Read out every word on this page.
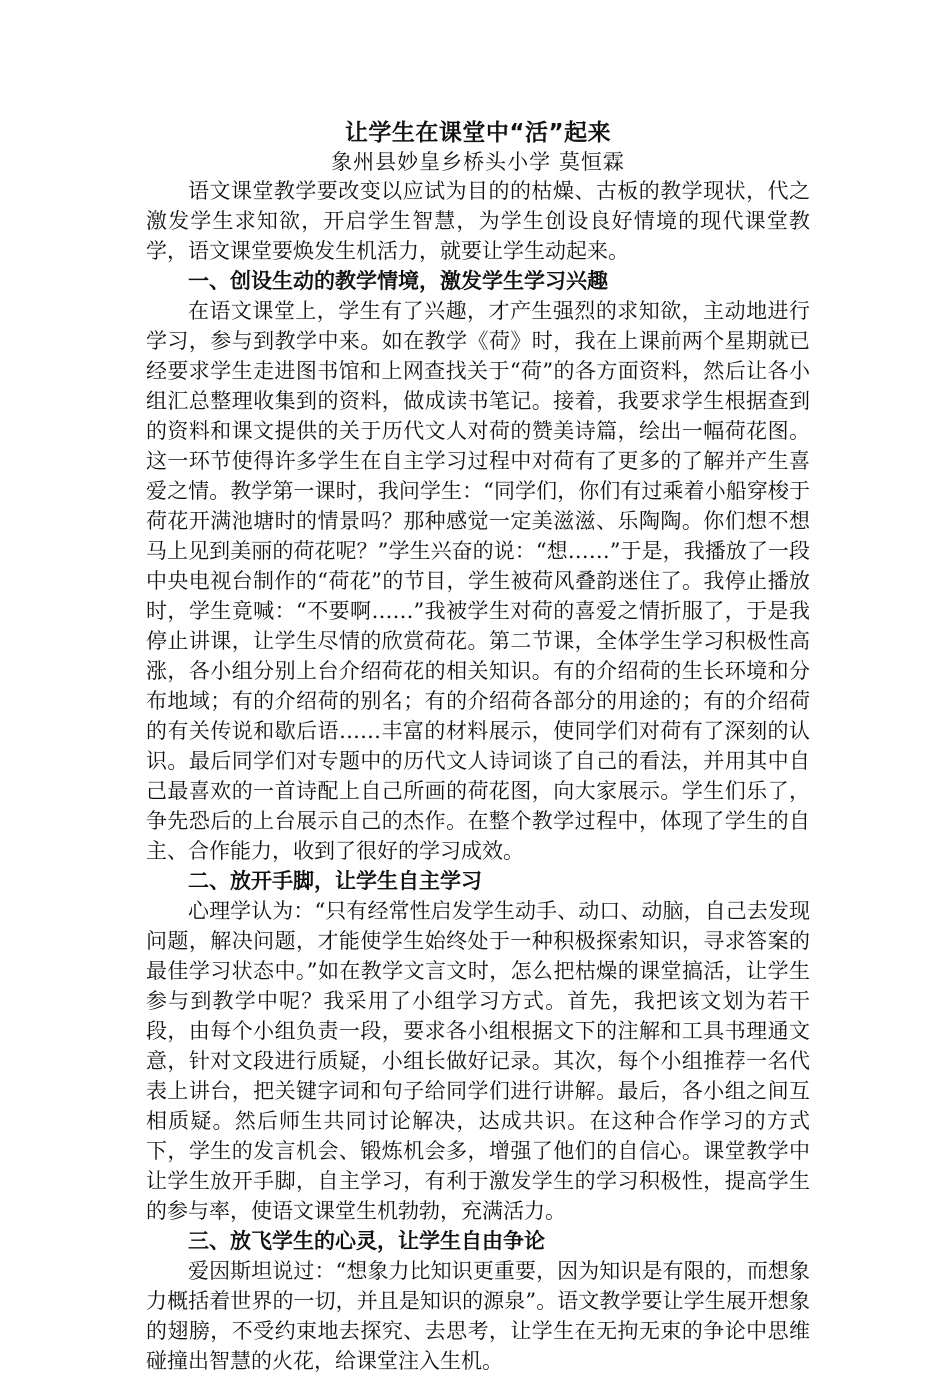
让学生在课堂中“活”起来

象州县妙皇乡桥头小学 莫恒霖

语文课堂教学要改变以应试为目的的枯燥、古板的教学现状，代之激发学生求知欲，开启学生智慧，为学生创设良好情境的现代课堂教学，语文课堂要焕发生机活力，就要让学生动起来。

一、创设生动的教学情境，激发学生学习兴趣

在语文课堂上，学生有了兴趣，才产生强烈的求知欲，主动地进行学习，参与到教学中来。如在教学《荷》时，我在上课前两个星期就已经要求学生走进图书馆和上网查找关于“荷”的各方面资料，然后让各小组汇总整理收集到的资料，做成读书笔记。接着，我要求学生根据查到的资料和课文提供的关于历代文人对荷的赞美诗篇，绘出一幅荷花图。这一环节使得许多学生在自主学习过程中对荷有了更多的了解并产生喜爱之情。教学第一课时，我问学生：“同学们，你们有过乘着小船穿梭于荷花开满池塘时的情景吗？那种感觉一定美滋滋、乐陶陶。你们想不想马上见到美丽的荷花呢？”学生兴奋的说：“想……”于是，我播放了一段中央电视台制作的“荷花”的节目，学生被荷风叠韵迷住了。我停止播放时，学生竟喊：“不要啊……”我被学生对荷的喜爱之情折服了，于是我停止讲课，让学生尽情的欣赏荷花。第二节课，全体学生学习积极性高涨，各小组分别上台介绍荷花的相关知识。有的介绍荷的生长环境和分布地域；有的介绍荷的别名；有的介绍荷各部分的用途的；有的介绍荷的有关传说和歇后语……丰富的材料展示，使同学们对荷有了深刻的认识。最后同学们对专题中的历代文人诗词谈了自己的看法，并用其中自己最喜欢的一首诗配上自己所画的荷花图，向大家展示。学生们乐了，争先恐后的上台展示自己的杰作。在整个教学过程中，体现了学生的自主、合作能力，收到了很好的学习成效。

二、放开手脚，让学生自主学习

心理学认为：“只有经常性启发学生动手、动口、动脑，自己去发现问题，解决问题，才能使学生始终处于一种积极探索知识，寻求答案的最佳学习状态中。”如在教学文言文时，怎么把枯燥的课堂搞活，让学生参与到教学中呢？我采用了小组学习方式。首先，我把该文划为若干段，由每个小组负责一段，要求各小组根据文下的注解和工具书理通文意，针对文段进行质疑，小组长做好记录。其次，每个小组推荐一名代表上讲台，把关键字词和句子给同学们进行讲解。最后，各小组之间互相质疑。然后师生共同讨论解决，达成共识。在这种合作学习的方式下，学生的发言机会、锻炼机会多，增强了他们的自信心。课堂教学中让学生放开手脚，自主学习，有利于激发学生的学习积极性，提高学生的参与率，使语文课堂生机勃勃，充满活力。

三、放飞学生的心灵，让学生自由争论

爱因斯坦说过：“想象力比知识更重要，因为知识是有限的，而想象力概括着世界的一切，并且是知识的源泉”。语文教学要让学生展开想象的翅膀，不受约束地去探究、去思考，让学生在无拘无束的争论中思维碰撞出智慧的火花，给课堂注入生机。
